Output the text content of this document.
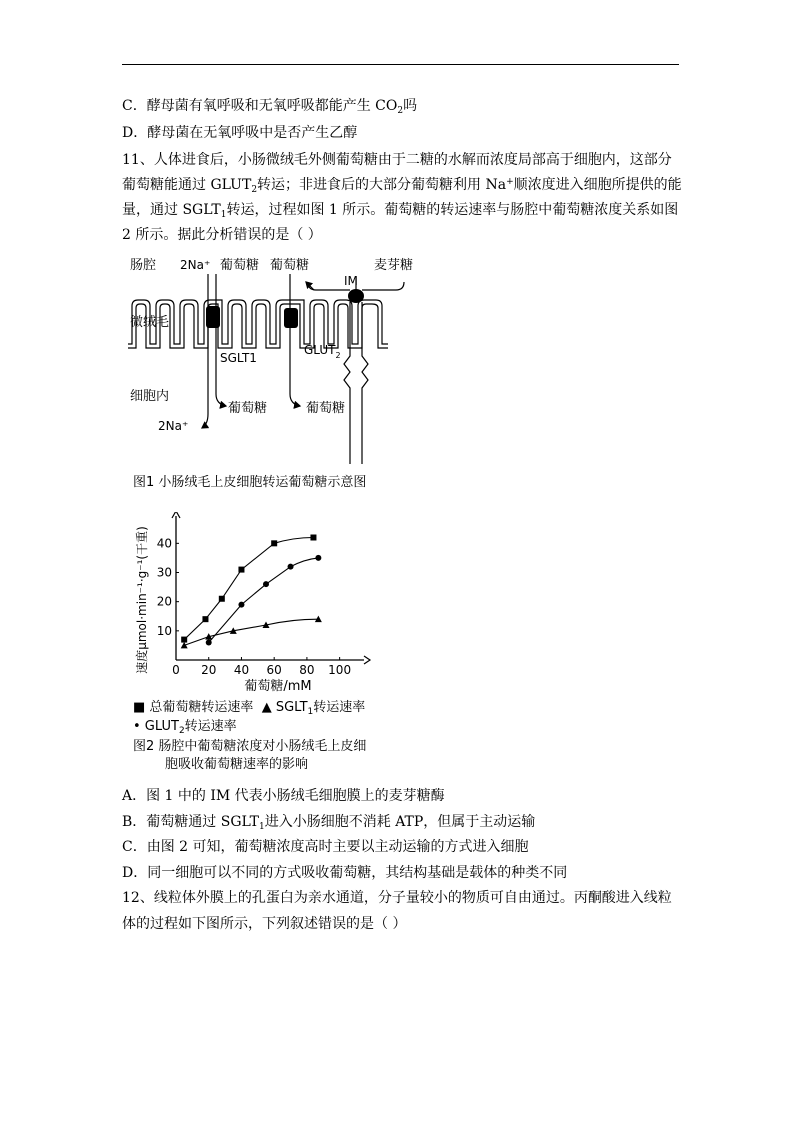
C．酵母菌有氧呼吸和无氧呼吸都能产生 $CO_2$吗
D．酵母菌在无氧呼吸中是否产生乙醇
11、人体进食后，小肠微绒毛外侧葡萄糖由于二糖的水解而浓度局部高于细胞内，这部分
葡萄糖能通过 $GLUT_2$转运；非进食后的大部分葡萄糖利用 Na+顺浓度进入细胞所提供的能
量，通过 $SGLT_1$转运，过程如图 1 所示。葡萄糖的转运速率与肠腔中葡萄糖浓度关系如图
2 所示。据此分析错误的是（ ）
肠腔 2Na⁺ 葡萄糖 葡萄糖
IM
麦芽糖
微绒毛
SGLT1
$GLUT_2$
细胞内
葡萄糖	葡萄糖
2Na⁺
图1 小肠绒毛上皮细胞转运葡萄糖示意图
0 20 40 60 80 100
10
20
30
40
速度μmol·min⁻¹·g⁻¹(干重)
葡萄糖/mM
■ 总葡萄糖转运速率 ▲ $SGLT_1$转运速率
• $GLUT_2$转运速率
图2 肠腔中葡萄糖浓度对小肠绒毛上皮细
胞吸收葡萄糖速率的影响
A．图 1 中的 IM 代表小肠绒毛细胞膜上的麦芽糖酶
B．葡萄糖通过 $SGLT_1$进入小肠细胞不消耗 ATP，但属于主动运输
C．由图 2 可知，葡萄糖浓度高时主要以主动运输的方式进入细胞
D．同一细胞可以不同的方式吸收葡萄糖，其结构基础是载体的种类不同
12、线粒体外膜上的孔蛋白为亲水通道，分子量较小的物质可自由通过。丙酮酸进入线粒
体的过程如下图所示，下列叙述错误的是（ ）
